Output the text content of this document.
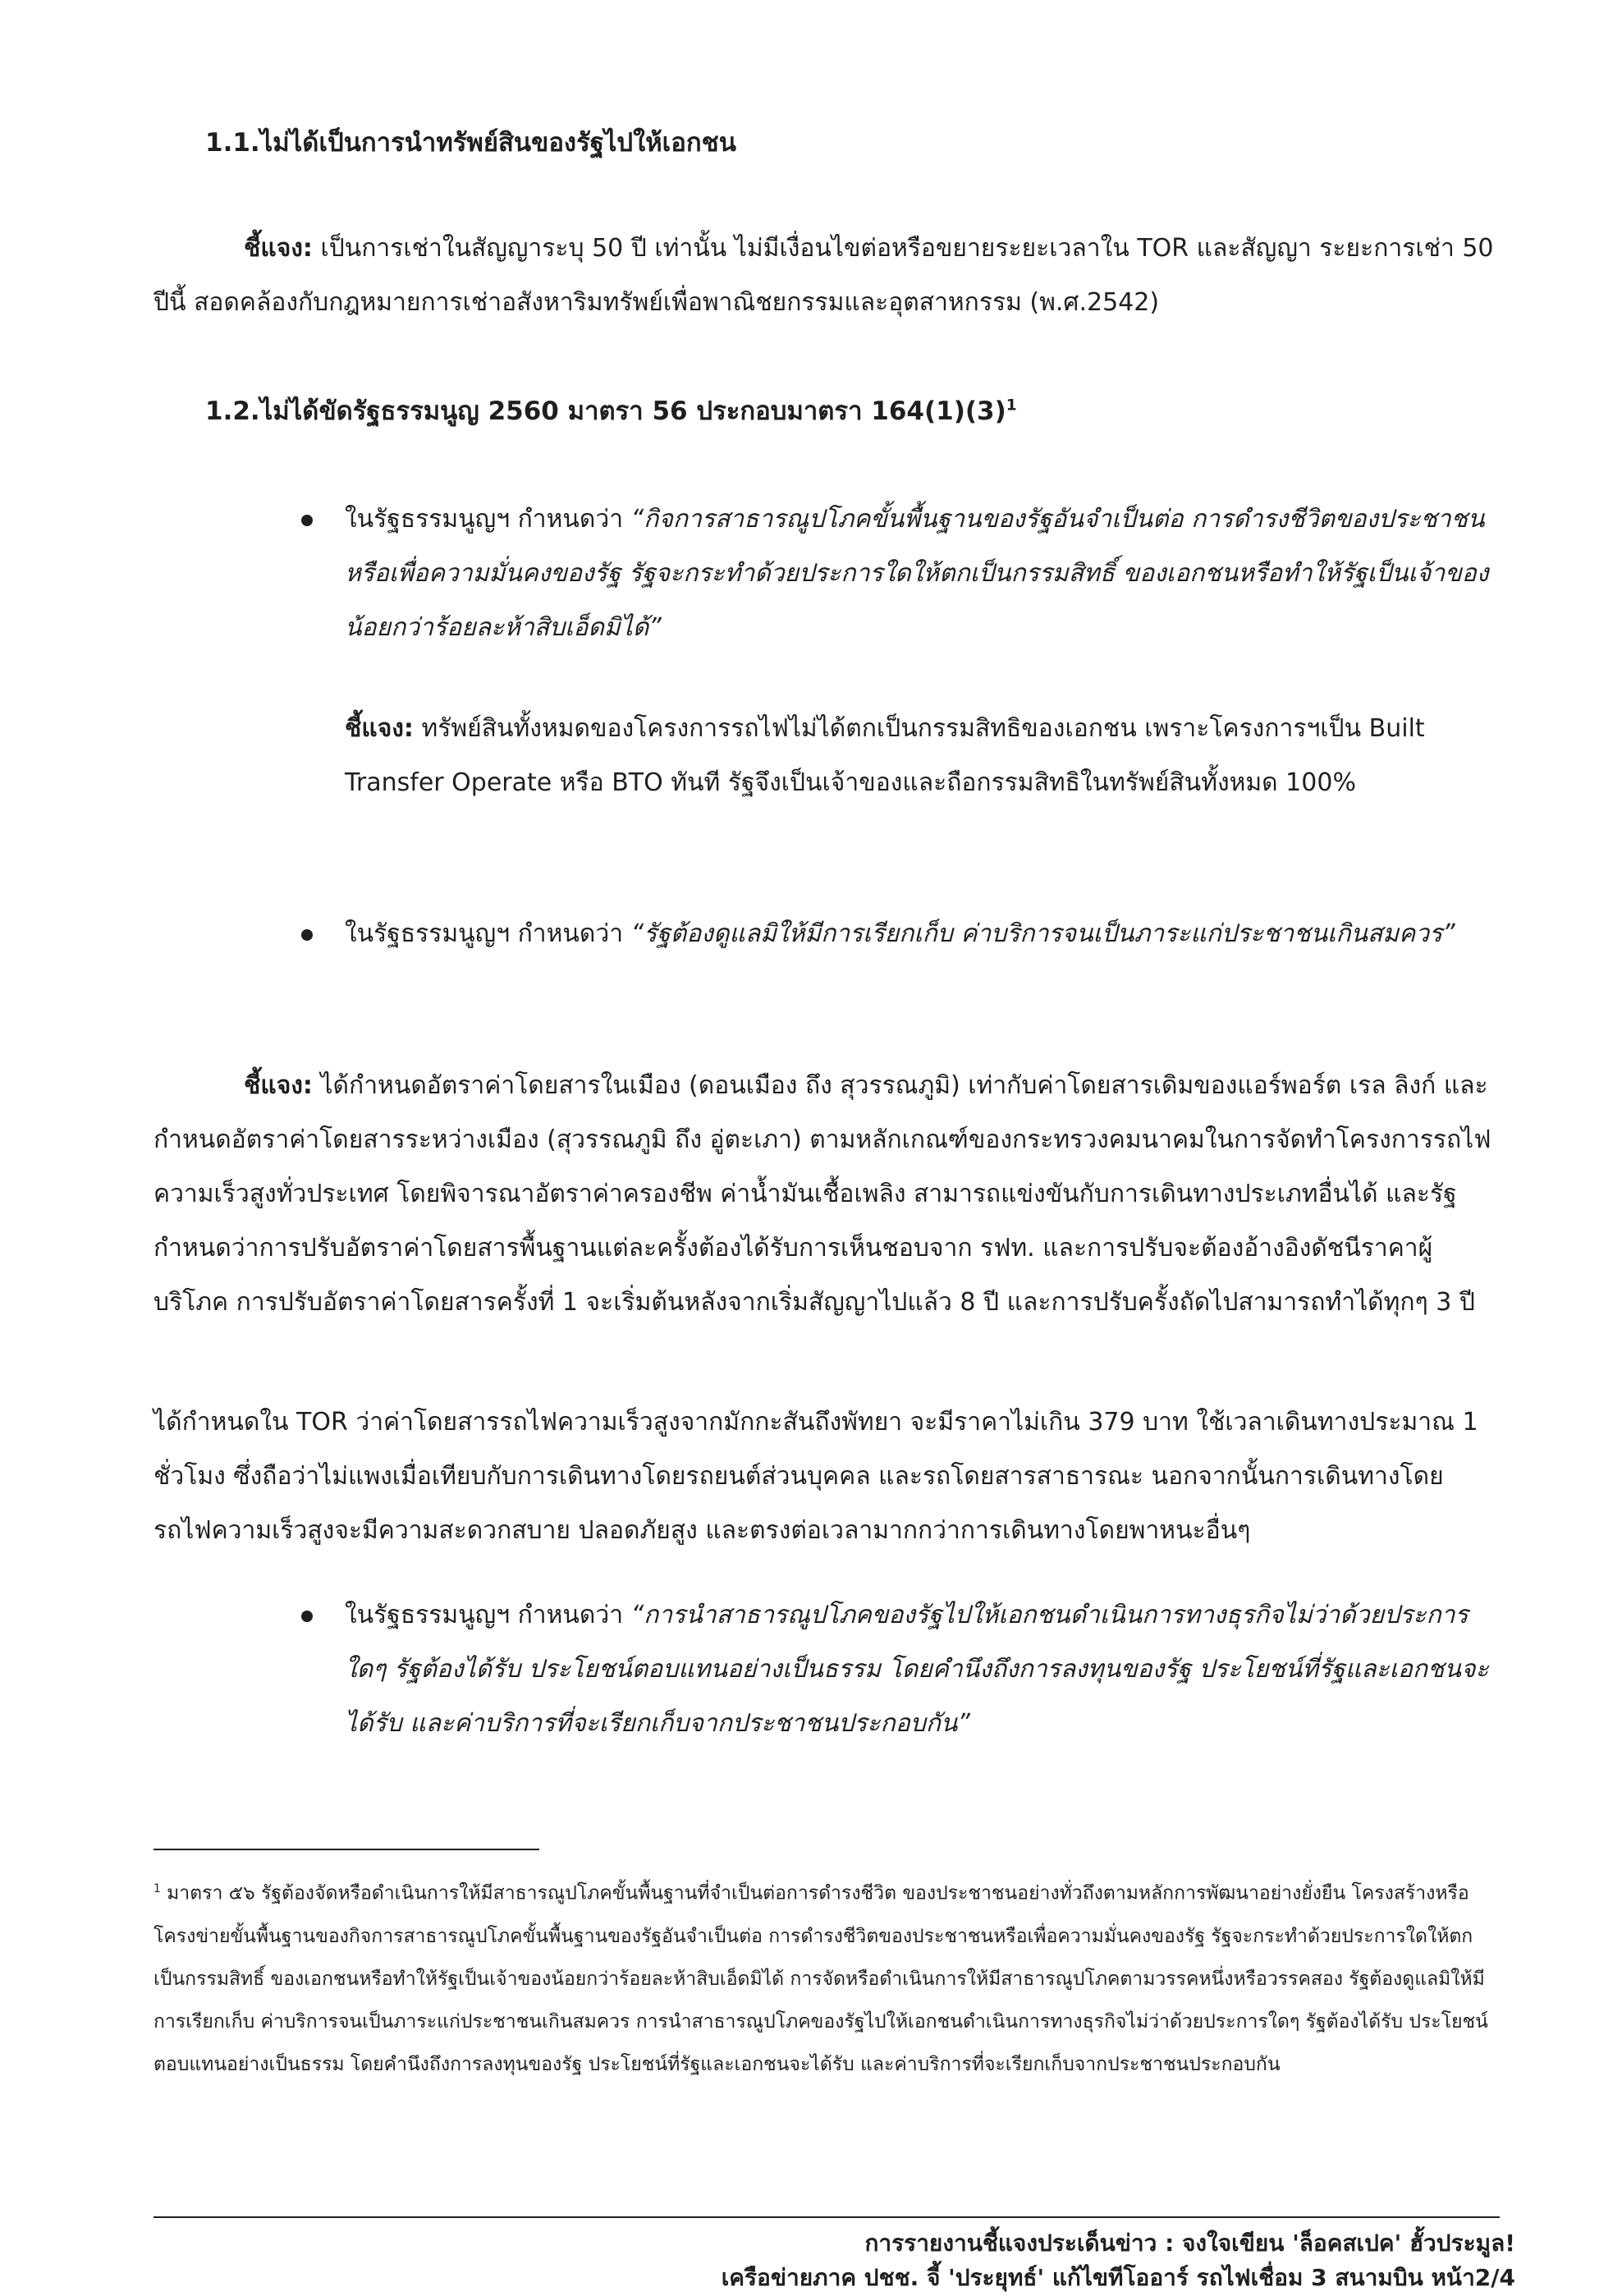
1.1.ไม่ได้เป็นการนำทรัพย์สินของรัฐไปให้เอกชน
ชี้แจง: เป็นการเช่าในสัญญาระบุ 50 ปี เท่านั้น ไม่มีเงื่อนไขต่อหรือขยายระยะเวลาใน TOR และสัญญา ระยะการเช่า 50 ปีนี้ สอดคล้องกับกฎหมายการเช่าอสังหาริมทรัพย์เพื่อพาณิชยกรรมและอุตสาหกรรม (พ.ศ.2542)
1.2.ไม่ได้ขัดรัฐธรรมนูญ 2560 มาตรา 56 ประกอบมาตรา $164(1)(3)^1$
ในรัฐธรรมนูญฯ กำหนดว่า “กิจการสาธารณูปโภคขั้นพื้นฐานของรัฐอันจำเป็นต่อ การดำรงชีวิตของประชาชนหรือเพื่อความมั่นคงของรัฐ รัฐจะกระทำด้วยประการใดให้ตกเป็นกรรมสิทธิ์ ของเอกชนหรือทำให้รัฐเป็นเจ้าของน้อยกว่าร้อยละห้าสิบเอ็ดมิได้”
ชี้แจง: ทรัพย์สินทั้งหมดของโครงการรถไฟไม่ได้ตกเป็นกรรมสิทธิของเอกชน เพราะโครงการฯเป็น Built Transfer Operate หรือ BTO ทันที รัฐจึงเป็นเจ้าของและถือกรรมสิทธิในทรัพย์สินทั้งหมด 100%
ในรัฐธรรมนูญฯ กำหนดว่า “รัฐต้องดูแลมิให้มีการเรียกเก็บ ค่าบริการจนเป็นภาระแก่ประชาชนเกินสมควร”
ชี้แจง: ได้กำหนดอัตราค่าโดยสารในเมือง (ดอนเมือง ถึง สุวรรณภูมิ) เท่ากับค่าโดยสารเดิมของแอร์พอร์ต เรล ลิงก์ และกำหนดอัตราค่าโดยสารระหว่างเมือง (สุวรรณภูมิ ถึง อู่ตะเภา) ตามหลักเกณฑ์ของกระทรวงคมนาคมในการจัดทำโครงการรถไฟความเร็วสูงทั่วประเทศ โดยพิจารณาอัตราค่าครองชีพ ค่าน้ำมันเชื้อเพลิง สามารถแข่งขันกับการเดินทางประเภทอื่นได้ และรัฐกำหนดว่าการปรับอัตราค่าโดยสารพื้นฐานแต่ละครั้งต้องได้รับการเห็นชอบจาก รฟท. และการปรับจะต้องอ้างอิงดัชนีราคาผู้บริโภค การปรับอัตราค่าโดยสารครั้งที่ 1 จะเริ่มต้นหลังจากเริ่มสัญญาไปแล้ว 8 ปี และการปรับครั้งถัดไปสามารถทำได้ทุกๆ 3 ปี
ได้กำหนดใน TOR ว่าค่าโดยสารรถไฟความเร็วสูงจากมักกะสันถึงพัทยา จะมีราคาไม่เกิน 379 บาท ใช้เวลาเดินทางประมาณ 1 ชั่วโมง ซึ่งถือว่าไม่แพงเมื่อเทียบกับการเดินทางโดยรถยนต์ส่วนบุคคล และรถโดยสารสาธารณะ นอกจากนั้นการเดินทางโดยรถไฟความเร็วสูงจะมีความสะดวกสบาย ปลอดภัยสูง และตรงต่อเวลามากกว่าการเดินทางโดยพาหนะอื่นๆ
ในรัฐธรรมนูญฯ กำหนดว่า “การนำสาธารณูปโภคของรัฐไปให้เอกชนดำเนินการทางธุรกิจไม่ว่าด้วยประการใดๆ รัฐต้องได้รับ ประโยชน์ตอบแทนอย่างเป็นธรรม โดยคำนึงถึงการลงทุนของรัฐ ประโยชน์ที่รัฐและเอกชนจะได้รับ และค่าบริการที่จะเรียกเก็บจากประชาชนประกอบกัน”
$^1$ มาตรา ๕๖ รัฐต้องจัดหรือดำเนินการให้มีสาธารณูปโภคขั้นพื้นฐานที่จำเป็นต่อการดำรงชีวิต ของประชาชนอย่างทั่วถึงตามหลักการพัฒนาอย่างยั่งยืน โครงสร้างหรือโครงข่ายขั้นพื้นฐานของกิจการสาธารณูปโภคขั้นพื้นฐานของรัฐอันจำเป็นต่อ การดำรงชีวิตของประชาชนหรือเพื่อความมั่นคงของรัฐ รัฐจะกระทำด้วยประการใดให้ตกเป็นกรรมสิทธิ์ ของเอกชนหรือทำให้รัฐเป็นเจ้าของน้อยกว่าร้อยละห้าสิบเอ็ดมิได้ การจัดหรือดำเนินการให้มีสาธารณูปโภคตามวรรคหนึ่งหรือวรรคสอง รัฐต้องดูแลมิให้มีการเรียกเก็บ ค่าบริการจนเป็นภาระแก่ประชาชนเกินสมควร การนำสาธารณูปโภคของรัฐไปให้เอกชนดำเนินการทางธุรกิจไม่ว่าด้วยประการใดๆ รัฐต้องได้รับ ประโยชน์ตอบแทนอย่างเป็นธรรม โดยคำนึงถึงการลงทุนของรัฐ ประโยชน์ที่รัฐและเอกชนจะได้รับ และค่าบริการที่จะเรียกเก็บจากประชาชนประกอบกัน
การรายงานชี้แจงประเด็นข่าว : จงใจเขียน 'ล็อคสเปค' ฮั้วประมูล!
เครือข่ายภาค ปชช. จี้ 'ประยุทธ์' แก้ไขทีโออาร์ รถไฟเชื่อม 3 สนามบิน หน้า2/4
